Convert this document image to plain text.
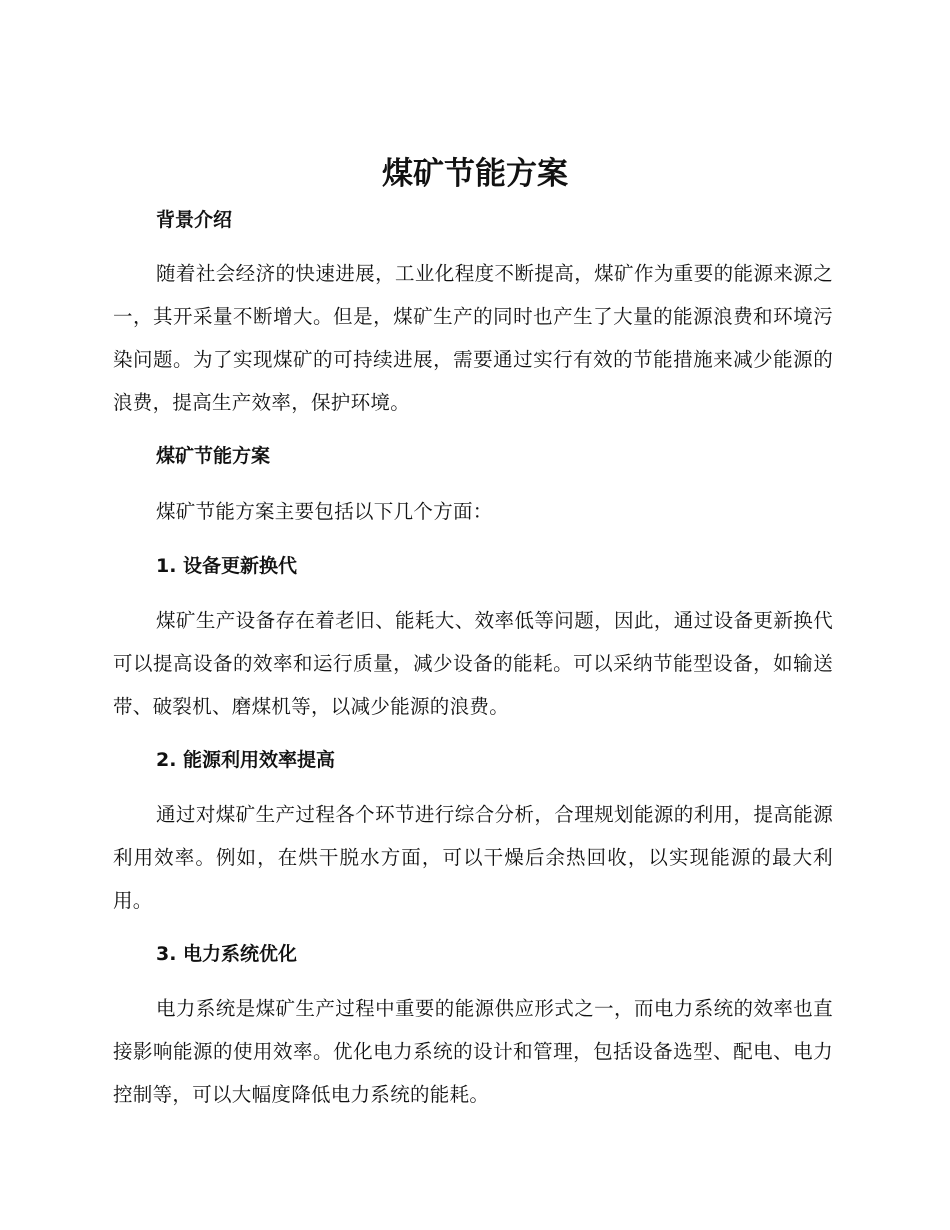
煤矿节能方案
背景介绍

随着社会经济的快速进展，工业化程度不断提高，煤矿作为重要的能源来源之一，其开采量不断增大。但是，煤矿生产的同时也产生了大量的能源浪费和环境污染问题。为了实现煤矿的可持续进展，需要通过实行有效的节能措施来减少能源的浪费，提高生产效率，保护环境。

煤矿节能方案

煤矿节能方案主要包括以下几个方面：

1. 设备更新换代

煤矿生产设备存在着老旧、能耗大、效率低等问题，因此，通过设备更新换代可以提高设备的效率和运行质量，减少设备的能耗。可以采纳节能型设备，如输送带、破裂机、磨煤机等，以减少能源的浪费。

2. 能源利用效率提高

通过对煤矿生产过程各个环节进行综合分析，合理规划能源的利用，提高能源利用效率。例如，在烘干脱水方面，可以干燥后余热回收，以实现能源的最大利用。

3. 电力系统优化

电力系统是煤矿生产过程中重要的能源供应形式之一，而电力系统的效率也直接影响能源的使用效率。优化电力系统的设计和管理，包括设备选型、配电、电力控制等，可以大幅度降低电力系统的能耗。
